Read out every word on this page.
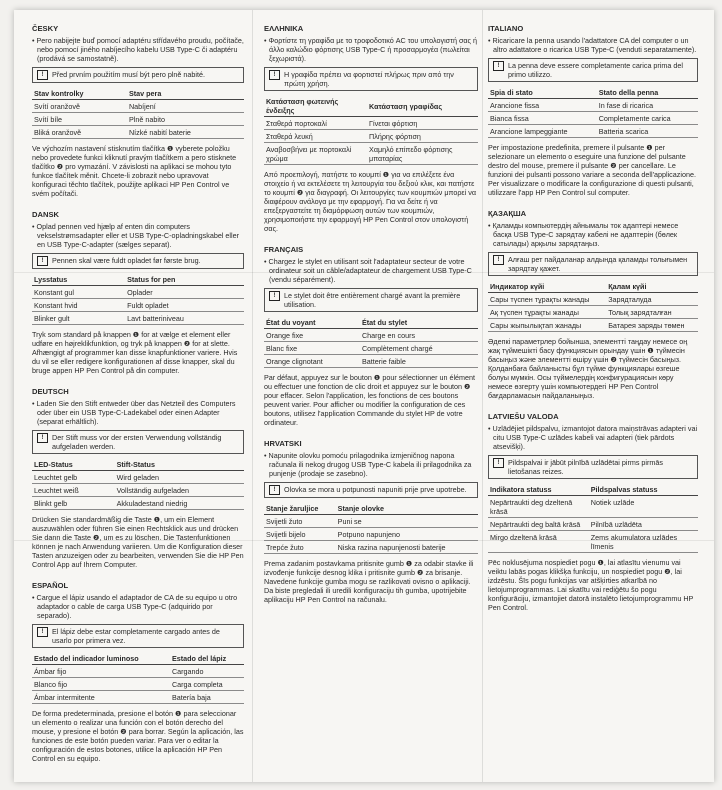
ČESKY
• Pero nabijejte buď pomocí adaptéru střídavého proudu, počítače, nebo pomocí jiného nabíjecího kabelu USB Type-C či adaptéru (prodává se samostatně).
!	Před prvním použitím musí být pero plně nabité.
Stav kontrolky	Stav pera
Svítí oranžově	Nabíjení
Svítí bíle	Plně nabito
Bliká oranžově	Nízké nabití baterie

Ve výchozím nastavení stisknutím tlačítka ❶ vyberete položku nebo provedete funkci kliknutí pravým tlačítkem a pero stisknete tlačítko ❷ pro vymazání. V závislosti na aplikaci se mohou tyto funkce tlačítek měnit. Chcete-li zobrazit nebo upravovat konfiguraci těchto tlačítek, použijte aplikaci HP Pen Control ve svém počítači.

DANSK
• Oplad pennen ved hjælp af enten din computers vekselstrømsadapter eller et USB Type-C-opladningskabel eller en USB Type-C-adapter (sælges separat).
!	Pennen skal være fuldt opladet før første brug.
Lysstatus	Status for pen
Konstant gul	Oplader
Konstant hvid	Fuldt opladet
Blinker gult	Lavt batteriniveau

Tryk som standard på knappen ❶ for at vælge et element eller udføre en højreklikfunktion, og tryk på knappen ❷ for at slette. Afhængigt af programmer kan disse knapfunktioner variere. Hvis du vil se eller redigere konfigurationen af disse knapper, skal du bruge appen HP Pen Control på din computer.

DEUTSCH
• Laden Sie den Stift entweder über das Netzteil des Computers oder über ein USB Type-C-Ladekabel oder einen Adapter (separat erhältlich).
!	Der Stift muss vor der ersten Verwendung vollständig aufgeladen werden.
LED-Status	Stift-Status
Leuchtet gelb	Wird geladen
Leuchtet weiß	Vollständig aufgeladen
Blinkt gelb	Akkuladestand niedrig

Drücken Sie standardmäßig die Taste ❶, um ein Element auszuwählen oder führen Sie einen Rechtsklick aus und drücken Sie dann die Taste ❷, um es zu löschen. Die Tastenfunktionen können je nach Anwendung variieren. Um die Konfiguration dieser Tasten anzuzeigen oder zu bearbeiten, verwenden Sie die HP Pen Control App auf Ihrem Computer.

ESPAÑOL
• Cargue el lápiz usando el adaptador de CA de su equipo u otro adaptador o cable de carga USB Type-C (adquirido por separado).
!	El lápiz debe estar completamente cargado antes de usarlo por primera vez.
Estado del indicador luminoso	Estado del lápiz
Ámbar fijo	Cargando
Blanco fijo	Carga completa
Ámbar intermitente	Batería baja

De forma predeterminada, presione el botón ❶ para seleccionar un elemento o realizar una función con el botón derecho del mouse, y presione el botón ❷ para borrar. Según la aplicación, las funciones de este botón pueden variar. Para ver o editar la configuración de estos botones, utilice la aplicación HP Pen Control en su equipo.

ΕΛΛΗΝΙΚΑ
• Φορτίστε τη γραφίδα με το τροφοδοτικό AC του υπολογιστή σας ή άλλο καλώδιο φόρτισης USB Type-C ή προσαρμογέα (πωλείται ξεχωριστά).
!	Η γραφίδα πρέπει να φορτιστεί πλήρως πριν από την πρώτη χρήση.
Κατάσταση φωτεινής ένδειξης	Κατάσταση γραφίδας
Σταθερά πορτοκαλί	Γίνεται φόρτιση
Σταθερά λευκή	Πλήρης φόρτιση
Αναβοσβήνει με πορτοκαλί χρώμα	Χαμηλό επίπεδο φόρτισης μπαταρίας

Από προεπιλογή, πατήστε το κουμπί ❶ για να επιλέξετε ένα στοιχείο ή να εκτελέσετε τη λειτουργία του δεξιού κλικ, και πατήστε το κουμπί ❷ για διαγραφή. Οι λειτουργίες των κουμπιών μπορεί να διαφέρουν ανάλογα με την εφαρμογή. Για να δείτε ή να επεξεργαστείτε τη διαμόρφωση αυτών των κουμπιών, χρησιμοποιήστε την εφαρμογή HP Pen Control στον υπολογιστή σας.

FRANÇAIS
• Chargez le stylet en utilisant soit l'adaptateur secteur de votre ordinateur soit un câble/adaptateur de chargement USB Type-C (vendu séparément).
!	Le stylet doit être entièrement chargé avant la première utilisation.
État du voyant	État du stylet
Orange fixe	Charge en cours
Blanc fixe	Complètement chargé
Orange clignotant	Batterie faible

Par défaut, appuyez sur le bouton ❶ pour sélectionner un élément ou effectuer une fonction de clic droit et appuyez sur le bouton ❷ pour effacer. Selon l'application, les fonctions de ces boutons peuvent varier. Pour afficher ou modifier la configuration de ces boutons, utilisez l'application Commande du stylet HP de votre ordinateur.

HRVATSKI
• Napunite olovku pomoću prilagodnika izmjeničnog napona računala ili nekog drugog USB Type-C kabela ili prilagodnika za punjenje (prodaje se zasebno).
!	Olovka se mora u potpunosti napuniti prije prve upotrebe.
Stanje žaruljice	Stanje olovke
Svijetli žuto	Puni se
Svijetli bijelo	Potpuno napunjeno
Trepće žuto	Niska razina napunjenosti baterije

Prema zadanim postavkama pritisnite gumb ❶ za odabir stavke ili izvođenje funkcije desnog klika i pritisnite gumb ❷ za brisanje. Navedene funkcije gumba mogu se razlikovati ovisno o aplikaciji. Da biste pregledali ili uredili konfiguraciju tih gumba, upotrijebite aplikaciju HP Pen Control na računalu.

ITALIANO
• Ricaricare la penna usando l'adattatore CA del computer o un altro adattatore o ricarica USB Type-C (venduti separatamente).
!	La penna deve essere completamente carica prima del primo utilizzo.
Spia di stato	Stato della penna
Arancione fissa	In fase di ricarica
Bianca fissa	Completamente carica
Arancione lampeggiante	Batteria scarica

Per impostazione predefinita, premere il pulsante ❶ per selezionare un elemento o eseguire una funzione del pulsante destro del mouse, premere il pulsante ❷ per cancellare. Le funzioni dei pulsanti possono variare a seconda dell'applicazione. Per visualizzare o modificare la configurazione di questi pulsanti, utilizzare l'app HP Pen Control sul computer.

ҚАЗАҚША
• Қаламды компьютердің айнымалы ток адаптері немесе басқа USB Type-C зарядтау кабелі не адаптерін (бөлек сатылады) арқылы зарядтаңыз.
!	Алғаш рет пайдаланар алдында қаламды толығымен зарядтау қажет.
Индикатор күйі	Қалам күйі
Сары түспен тұрақты жанады	Зарядталуда
Ақ түспен тұрақты жанады	Толық зарядталған
Сары жыпылықтап жанады	Батарея заряды төмен

Әдепкі параметрлер бойынша, элементті таңдау немесе оң жақ түймешікті басу функциясын орындау үшін ❶ түймесін басыңыз және элементті өшіру үшін ❷ түймесін басыңыз. Қолданбаға байланысты бұл түйме функциялары өзгеше болуы мүмкін. Осы түймелердің конфигурациясын көру немесе өзгерту үшін компьютердегі HP Pen Control бағдарламасын пайдаланыңыз.

LATVIEŠU VALODA
• Uzlādējiet pildspalvu, izmantojot datora maiņstrāvas adapteri vai citu USB Type-C uzlādes kabeli vai adapteri (tiek pārdots atsevišķi).
!	Pildspalvai ir jābūt pilnībā uzlādētai pirms pirmās lietošanas reizes.
Indikatora statuss	Pildspalvas statuss
Nepārtraukti deg dzeltenā krāsā	Notiek uzlāde
Nepārtraukti deg baltā krāsā	Pilnībā uzlādēta
Mirgo dzeltenā krāsā	Zems akumulatora uzlādes līmenis

Pēc noklusējuma nospiediet pogu ❶, lai atlasītu vienumu vai veiktu labās pogas klikšķa funkciju, un nospiediet pogu ❷, lai izdzēstu. Šīs pogu funkcijas var atšķirties atkarībā no lietojumprogrammas. Lai skatītu vai rediģētu šo pogu konfigurāciju, izmantojiet datorā instalēto lietojumprogrammu HP Pen Control.
